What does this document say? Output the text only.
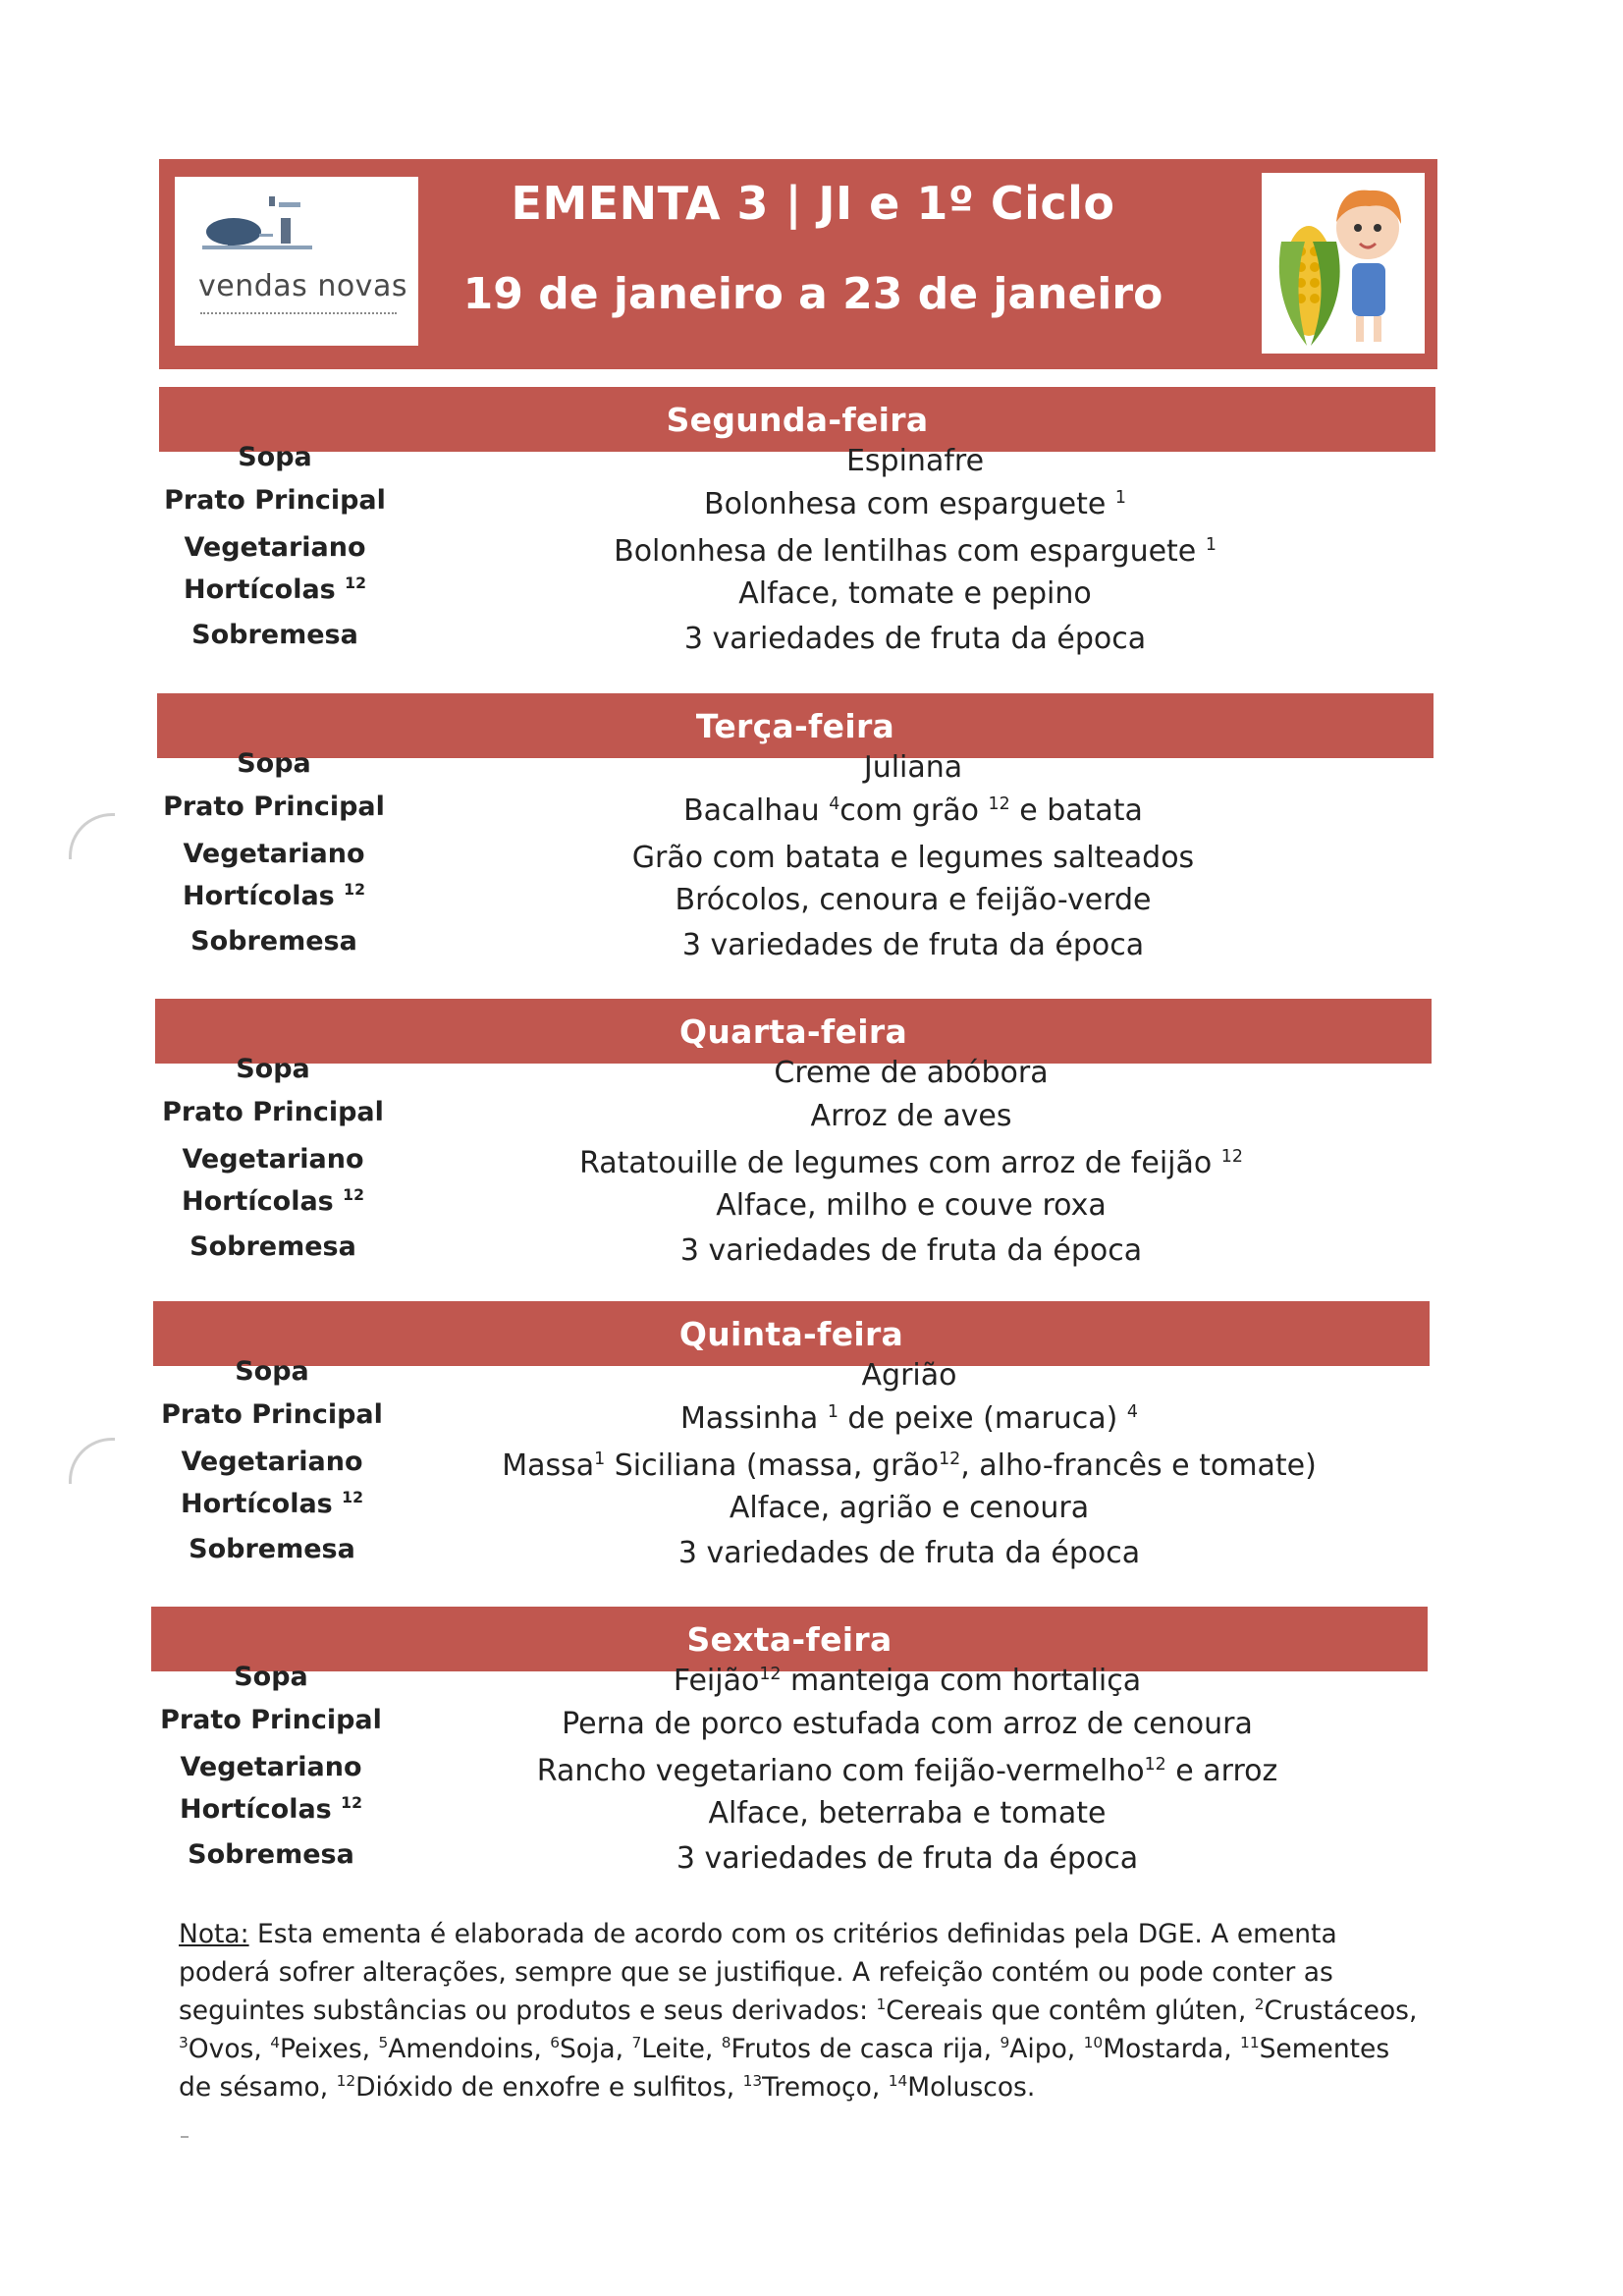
vendas novas
EMENTA 3 | JI e 1º Ciclo
19 de janeiro a 23 de janeiro
Segunda-feira
Sopa	Espinafre
Prato Principal	Bolonhesa com esparguete $^1$
Vegetariano	Bolonhesa de lentilhas com esparguete $^1$
Hortícolas $^{12}$	Alface, tomate e pepino
Sobremesa	3 variedades de fruta da época
Terça-feira
Sopa	Juliana
Prato Principal	Bacalhau $^4$com grão $^{12}$ e batata
Vegetariano	Grão com batata e legumes salteados
Hortícolas $^{12}$	Brócolos, cenoura e feijão-verde
Sobremesa	3 variedades de fruta da época
Quarta-feira
Sopa	Creme de abóbora
Prato Principal	Arroz de aves
Vegetariano	Ratatouille de legumes com arroz de feijão $^{12}$
Hortícolas $^{12}$	Alface, milho e couve roxa
Sobremesa	3 variedades de fruta da época
Quinta-feira
Sopa	Agrião
Prato Principal	Massinha $^1$ de peixe (maruca) $^4$
Vegetariano	Massa$^1$ Siciliana (massa, grão$^{12}$, alho-francês e tomate)
Hortícolas $^{12}$	Alface, agrião e cenoura
Sobremesa	3 variedades de fruta da época
Sexta-feira
Sopa	Feijão$^{12}$ manteiga com hortaliça
Prato Principal	Perna de porco estufada com arroz de cenoura
Vegetariano	Rancho vegetariano com feijão-vermelho$^{12}$ e arroz
Hortícolas $^{12}$	Alface, beterraba e tomate
Sobremesa	3 variedades de fruta da época
Nota: Esta ementa é elaborada de acordo com os critérios definidas pela DGE. A ementa poderá sofrer alterações, sempre que se justifique. A refeição contém ou pode conter as seguintes substâncias ou produtos e seus derivados: $^1$Cereais que contêm glúten, $^2$Crustáceos, $^3$Ovos, $^4$Peixes, $^5$Amendoins, $^6$Soja, $^7$Leite, $^8$Frutos de casca rija, $^9$Aipo, $^{10}$Mostarda, $^{11}$Sementes de sésamo, $^{12}$Dióxido de enxofre e sulfitos, $^{13}$Tremoço, $^{14}$Moluscos.
